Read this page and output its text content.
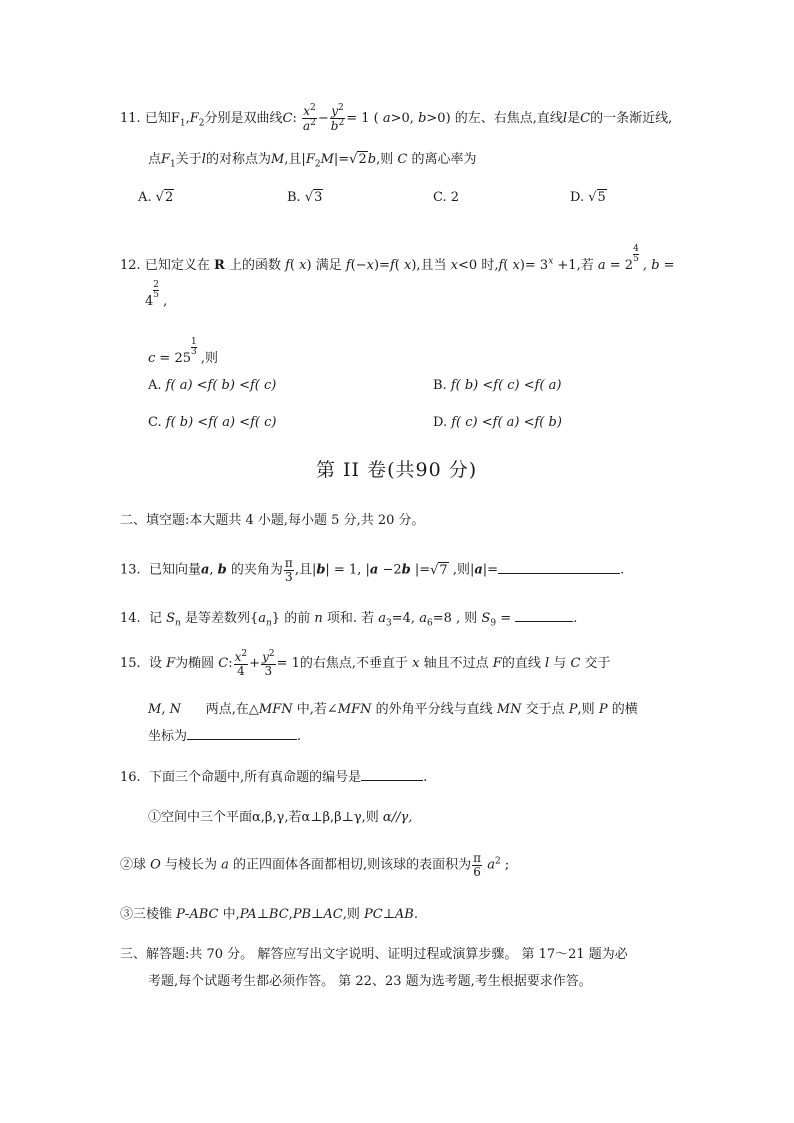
11. 已知$F_1,F_2$分别是双曲线C: $\frac{x^2}{a^2} - \frac{y^2}{b^2} = 1$ ( a>0, b>0) 的左、右焦点,直线l是C的一条渐近线,
点$F_1$关于l的对称点为M,且$|F_2M|=√2b$,则 C 的离心率为
A. √2	B. √3	C. 2	D. √5
12. 已知定义在 R 上的函数 f( x) 满足 f(−x)=f( x),且当 x<0 时,f( $x)= 3^x +1$,若 $a = 2\frac{4}{5}$
, b =
$4\frac{2}{5}$
,
$c = 25\frac{1}{3}$
,则
A. f( a) <f( b) <f( c)	B. f( b) <f( c) <f( a)
C. f( b) <f( a) <f( c)	D. f( c) <f( a) <f( b)
第 II 卷(共90 分)
二、填空题:本大题共 4 小题,每小题 5 分,共 20 分。
13. 已知向量a, b 的夹角为 $\frac{\pi}{3}$ ,且|b| = 1, |a −2b |=√7 ,则|a|=	.
14. 记 $S_n$ 是等差数列$\{a_n\}$ 的前 n 项和. 若 $a_3=4$, $a_6=8$ , 则 $S_9$ =	.
15. 设 F为椭圆 C: $\frac{x^2}{4} + \frac{y^2}{3} = 1$的右焦点,不垂直于 x 轴且不过点 F的直线 l 与 C 交于
M, N 两点,在△MFN 中,若∠MFN 的外角平分线与直线 MN 交于点 P,则 P 的横
坐标为	.
16. 下面三个命题中,所有真命题的编号是	.
①空间中三个平面α,β,γ,若α⊥β,β⊥γ,则 α//γ,
②球 O 与棱长为 a 的正四面体各面都相切,则该球的表面积为 $\frac{\pi}{6} a^2$ ;
③三棱锥 P-ABC 中,PA⊥BC,PB⊥AC,则 PC⊥AB.
三、解答题:共 70 分。 解答应写出文字说明、证明过程或演算步骤。 第 17～21 题为必
考题,每个试题考生都必须作答。 第 22、23 题为选考题,考生根据要求作答。
